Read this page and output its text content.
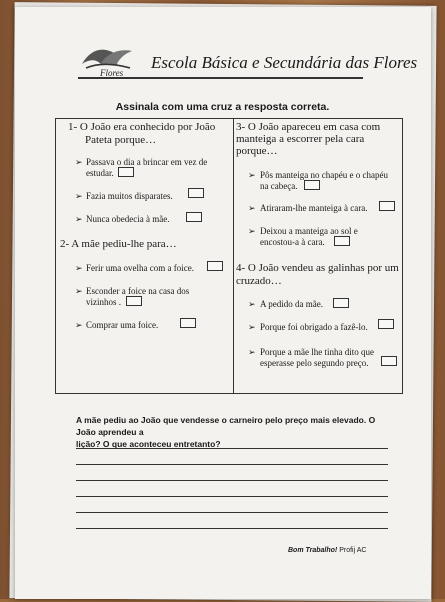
Flores
Escola Básica e Secundária das Flores
Assinala com uma cruz a resposta correta.
1- O João era conhecido por João
Pateta porque…
➢ Passava o dia a brincar em vez de
estudar.
➢ Fazia muitos disparates.
➢ Nunca obedecia à mãe.
2- A mãe pediu-lhe para…
➢ Ferir uma ovelha com a foice.
➢ Esconder a foice na casa dos
vizinhos .
➢ Comprar uma foice.
3- O João apareceu em casa com
manteiga a escorrer pela cara
porque…
➢ Pôs manteiga no chapéu e o chapéu
na cabeça.
➢ Atiraram-lhe manteiga à cara.
➢ Deixou a manteiga ao sol e
encostou-a à cara.
4- O João vendeu as galinhas por um
cruzado…
➢ A pedido da mãe.
➢ Porque foi obrigado a fazê-lo.
➢ Porque a mãe lhe tinha dito que
esperasse pelo segundo preço.
A mãe pediu ao João que vendesse o carneiro pelo preço mais elevado. O João aprendeu a
lição? O que aconteceu entretanto?
Bom Trabalho! Profij AC
